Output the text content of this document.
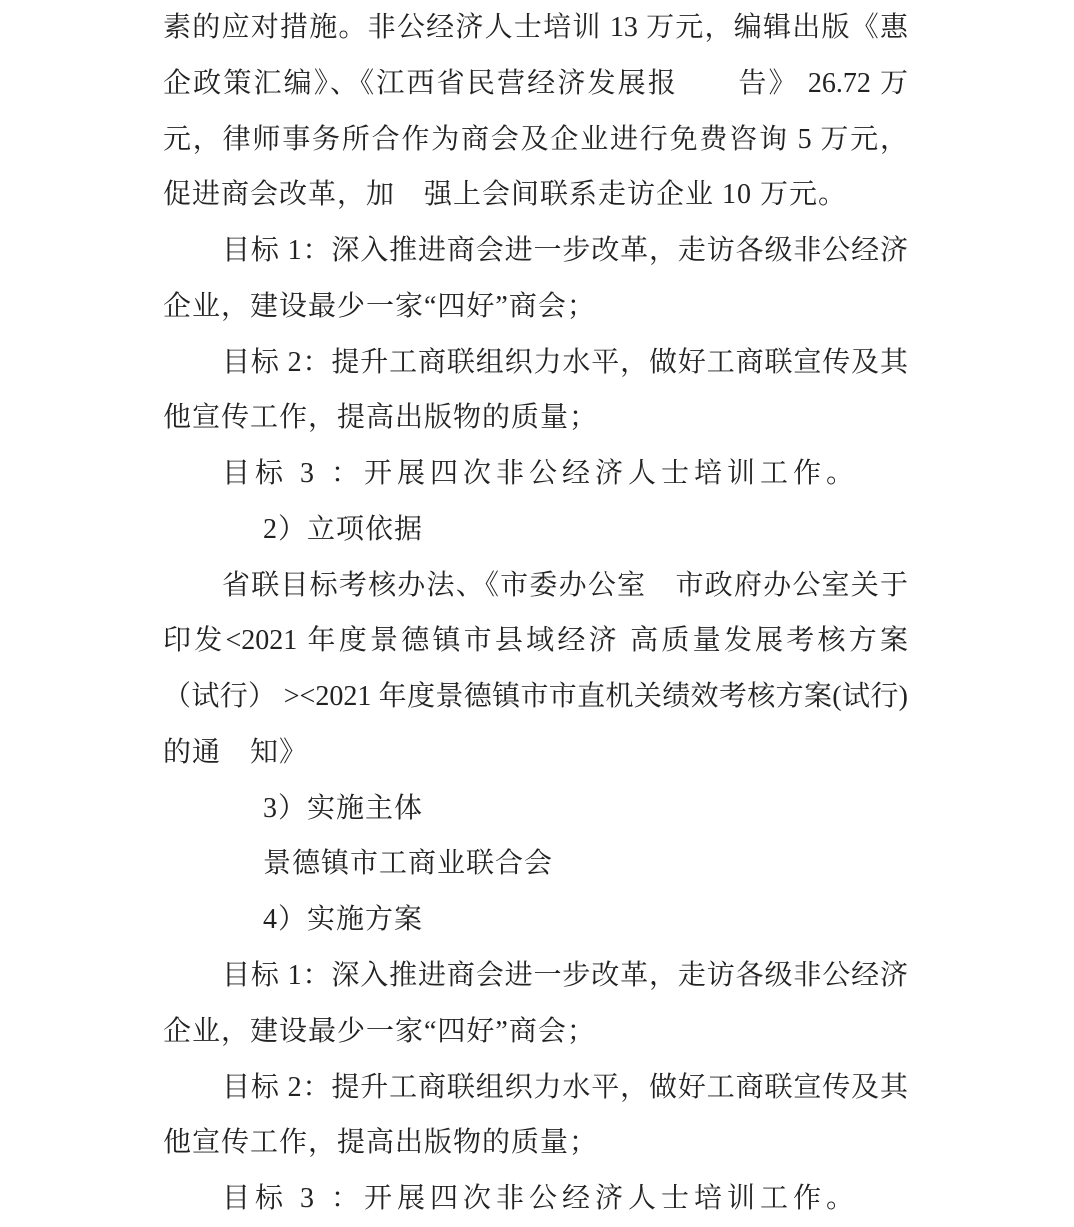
素的应对措施。非公经济人士培训 13 万元，编辑出版《惠
企政策汇编》、《江西省民营经济发展报　　告》 26.72 万
元，律师事务所合作为商会及企业进行免费咨询 5 万元，
促进商会改革，加　强上会间联系走访企业 10 万元。
目标 1：深入推进商会进一步改革，走访各级非公经济
企业，建设最少一家“四好”商会；
目标 2：提升工商联组织力水平，做好工商联宣传及其
他宣传工作，提高出版物的质量；
目标 3 ：开展四次非公经济人士培训工作。
2）立项依据
省联目标考核办法、《市委办公室　市政府办公室关于
印发<2021 年度景德镇市县域经济 高质量发展考核方案
（试行） ><2021 年度景德镇市市直机关绩效考核方案(试行)
的通　知》
3）实施主体
景德镇市工商业联合会
4）实施方案
目标 1：深入推进商会进一步改革，走访各级非公经济
企业，建设最少一家“四好”商会；
目标 2：提升工商联组织力水平，做好工商联宣传及其
他宣传工作，提高出版物的质量；
目标 3 ：开展四次非公经济人士培训工作。
